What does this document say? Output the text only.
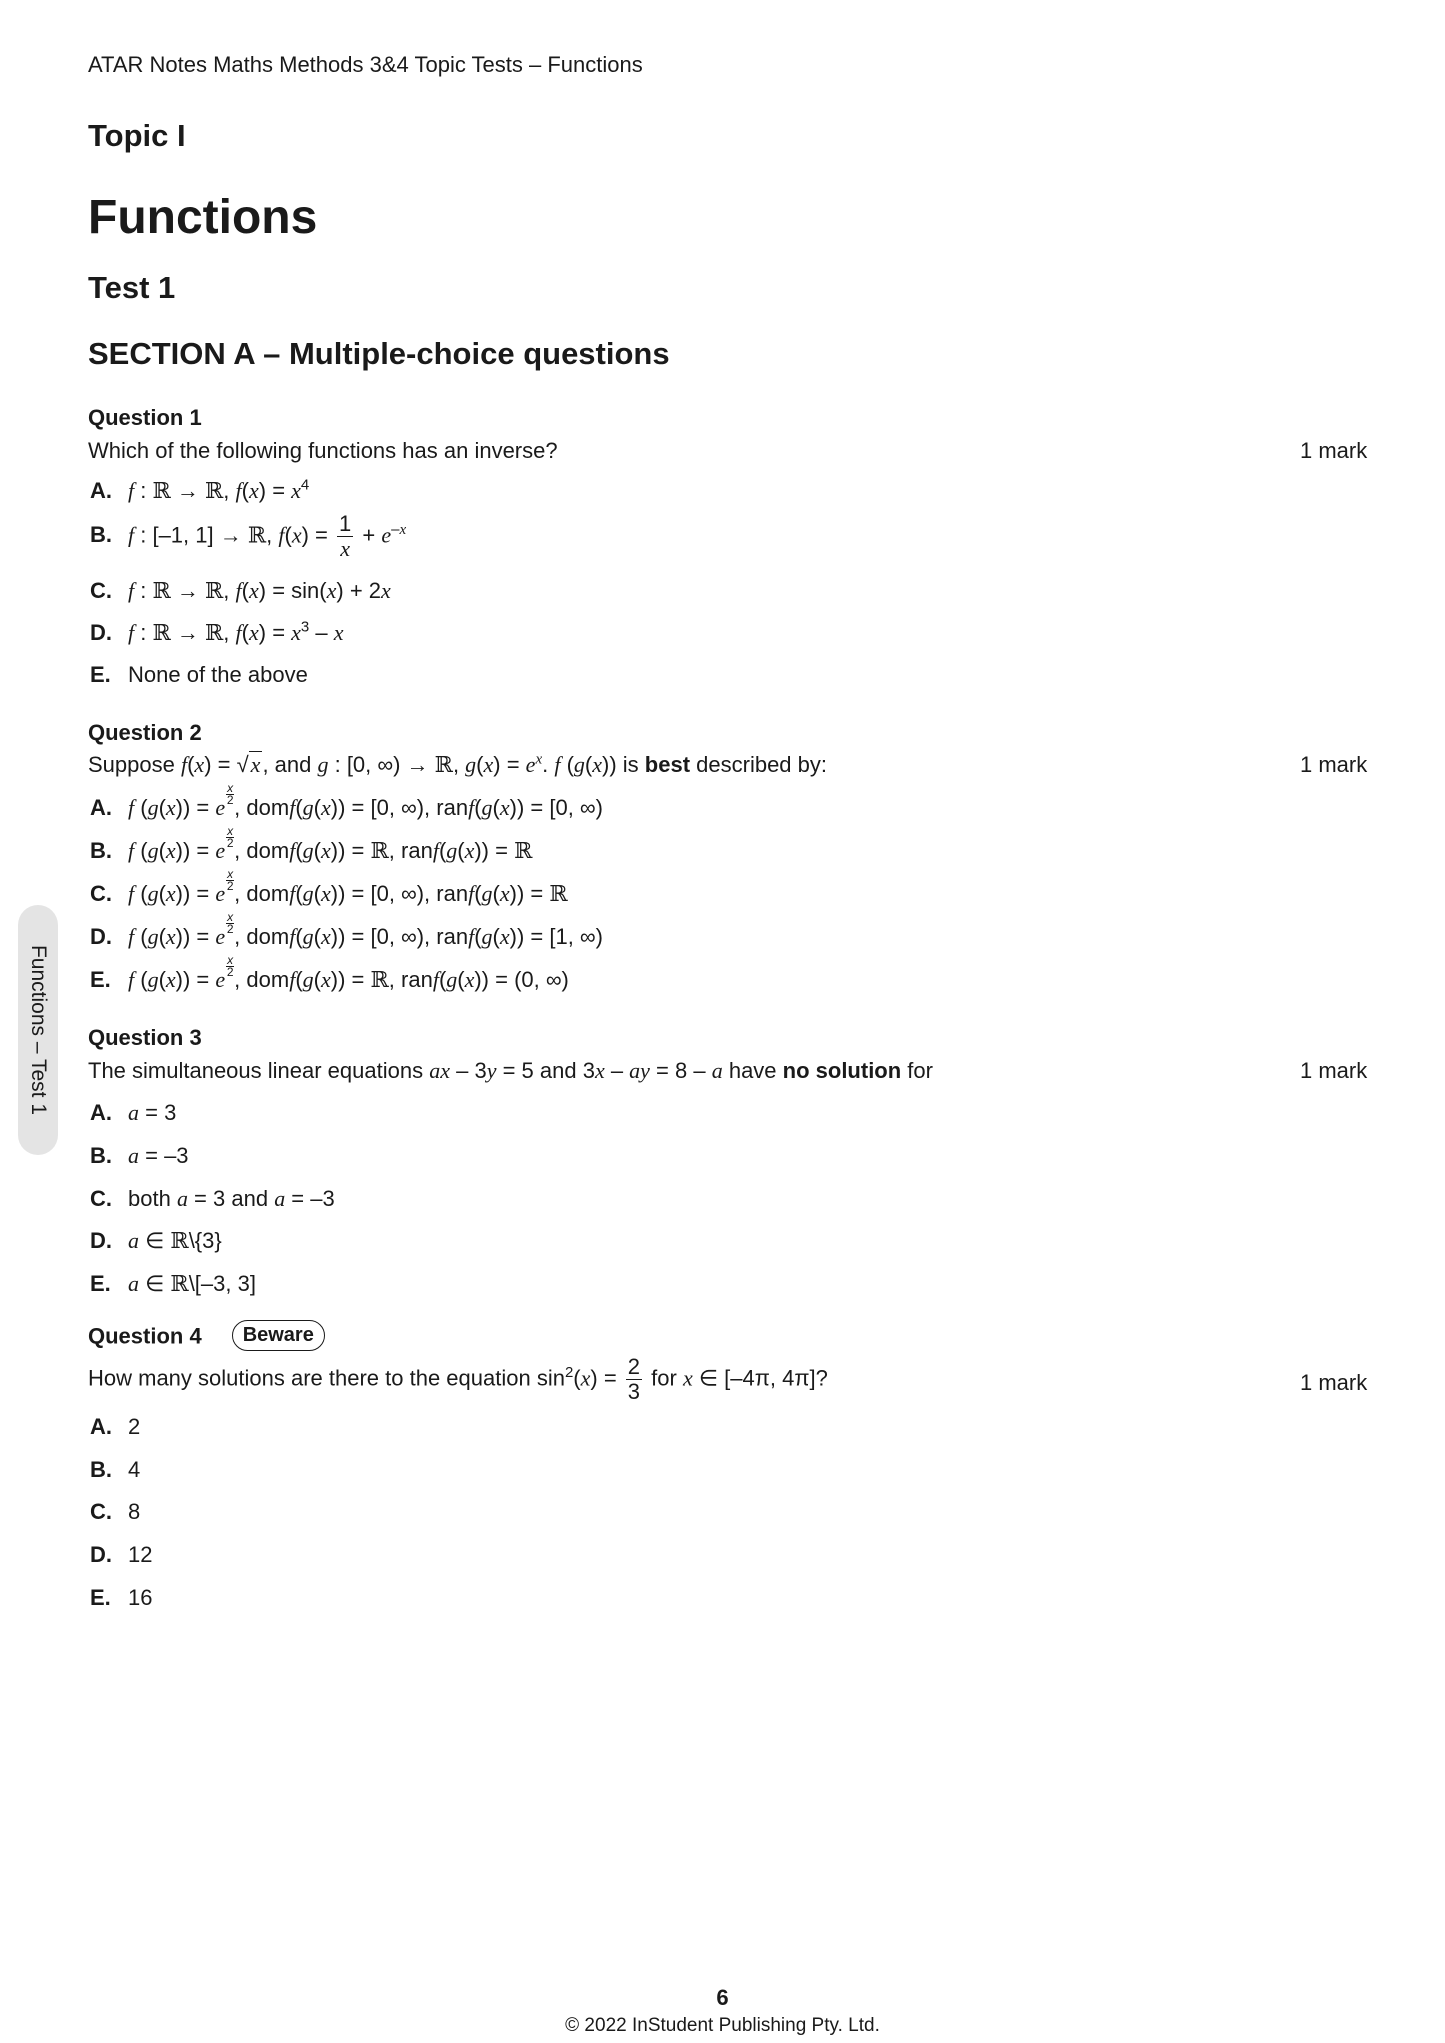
ATAR Notes Maths Methods 3&4 Topic Tests – Functions
Topic I
Functions
Test 1
SECTION A – Multiple-choice questions
Question 1
Which of the following functions has an inverse?	1 mark
A. f : ℝ → ℝ, $f(x) = x^4$
B. f : [–1, 1] → ℝ, $f(x) = \frac{1}{x} + e^{-x}$
C. f : ℝ → ℝ, f(x) = sin(x) + 2x
D. f : ℝ → ℝ, $f(x) = x^3 - x$
E. None of the above
Question 2
Suppose f(x) = √x, and g : [0, ∞) → ℝ, $g(x) = e^x$. f (g(x)) is best described by:	1 mark
A. f (g(x)) = e
$\frac{x}{2}$
, domf(g(x)) = [0, ∞), ranf(g(x)) = [0, ∞)
B. f (g(x)) = e
$\frac{x}{2}$
, domf(g(x)) = ℝ, ranf(g(x)) = ℝ
C. f (g(x)) = e
$\frac{x}{2}$
, domf(g(x)) = [0, ∞), ranf(g(x)) = ℝ
D. f (g(x)) = e
$\frac{x}{2}$
, domf(g(x)) = [0, ∞), ranf(g(x)) = [1, ∞)
E. f (g(x)) = e
$\frac{x}{2}$
, domf(g(x)) = ℝ, ranf(g(x)) = (0, ∞)
Question 3
The simultaneous linear equations ax – 3y = 5 and 3x – ay = 8 – a have no solution for	1 mark
A. a = 3
B. a = –3
C. both a = 3 and a = –3
D. a ∈ ℝ\{3}
E. a ∈ ℝ\[–3, 3]
Question 4 Beware
How many solutions are there to the equation $\sin^2(x) = \frac{2}{3}$ for x ∈ [–4π, 4π]?	1 mark
A. 2
B. 4
C. 8
D. 12
E. 16
Functions – Test 1
6
© 2022 InStudent Publishing Pty. Ltd.
